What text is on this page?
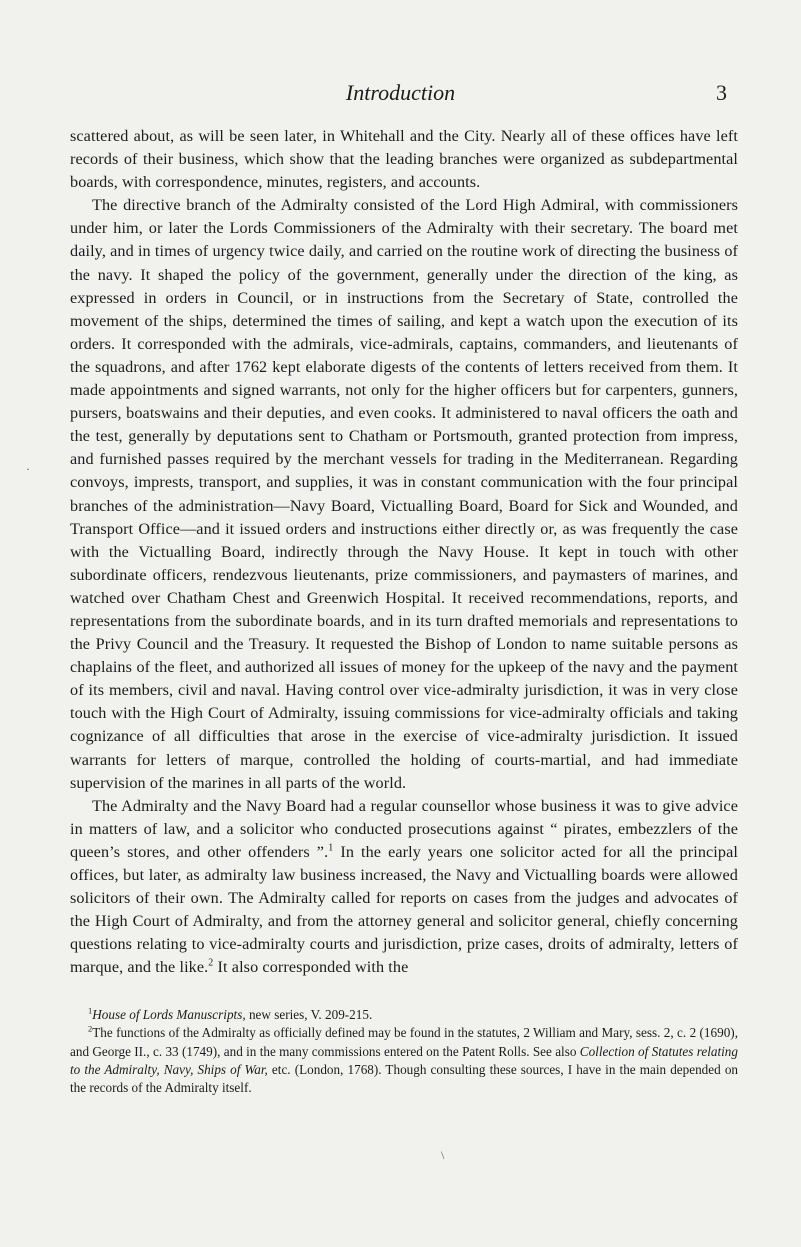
Introduction	3

scattered about, as will be seen later, in Whitehall and the City. Nearly all of these offices have left records of their business, which show that the leading branches were organized as subdepartmental boards, with correspondence, minutes, registers, and accounts.

The directive branch of the Admiralty consisted of the Lord High Admiral, with commissioners under him, or later the Lords Commissioners of the Admiralty with their secretary. The board met daily, and in times of urgency twice daily, and carried on the routine work of directing the business of the navy. It shaped the policy of the government, generally under the direction of the king, as expressed in orders in Council, or in instructions from the Secretary of State, controlled the movement of the ships, determined the times of sailing, and kept a watch upon the execution of its orders. It corresponded with the admirals, vice-admirals, captains, commanders, and lieutenants of the squadrons, and after 1762 kept elaborate digests of the contents of letters received from them. It made appointments and signed warrants, not only for the higher officers but for carpenters, gunners, pursers, boatswains and their deputies, and even cooks. It administered to naval officers the oath and the test, generally by deputations sent to Chatham or Portsmouth, granted protection from impress, and furnished passes required by the merchant vessels for trading in the Mediterranean. Regarding convoys, imprests, transport, and supplies, it was in constant communication with the four principal branches of the administration—Navy Board, Victualling Board, Board for Sick and Wounded, and Transport Office—and it issued orders and instructions either directly or, as was frequently the case with the Victualling Board, indirectly through the Navy House. It kept in touch with other subordinate officers, rendezvous lieutenants, prize commissioners, and paymasters of marines, and watched over Chatham Chest and Greenwich Hospital. It received recommendations, reports, and representations from the subordinate boards, and in its turn drafted memorials and representations to the Privy Council and the Treasury. It requested the Bishop of London to name suitable persons as chaplains of the fleet, and authorized all issues of money for the upkeep of the navy and the payment of its members, civil and naval. Having control over vice-admiralty jurisdiction, it was in very close touch with the High Court of Admiralty, issuing commissions for vice-admiralty officials and taking cognizance of all difficulties that arose in the exercise of vice-admiralty jurisdiction. It issued warrants for letters of marque, controlled the holding of courts-martial, and had immediate supervision of the marines in all parts of the world.

The Admiralty and the Navy Board had a regular counsellor whose business it was to give advice in matters of law, and a solicitor who conducted prosecutions against “ pirates, embezzlers of the queen’s stores, and other offenders ”.$^1$ In the early years one solicitor acted for all the principal offices, but later, as admiralty law business increased, the Navy and Victualling boards were allowed solicitors of their own. The Admiralty called for reports on cases from the judges and advocates of the High Court of Admiralty, and from the attorney general and solicitor general, chiefly concerning questions relating to vice-admiralty courts and jurisdiction, prize cases, droits of admiralty, letters of marque, and the like.$^2$ It also corresponded with the

$^1$House of Lords Manuscripts, new series, V. 209-215.

$^2$The functions of the Admiralty as officially defined may be found in the statutes, 2 William and Mary, sess. 2, c. 2 (1690), and George II., c. 33 (1749), and in the many commissions entered on the Patent Rolls. See also Collection of Statutes relating to the Admiralty, Navy, Ships of War, etc. (London, 1768). Though consulting these sources, I have in the main depended on the records of the Admiralty itself.

·
\
